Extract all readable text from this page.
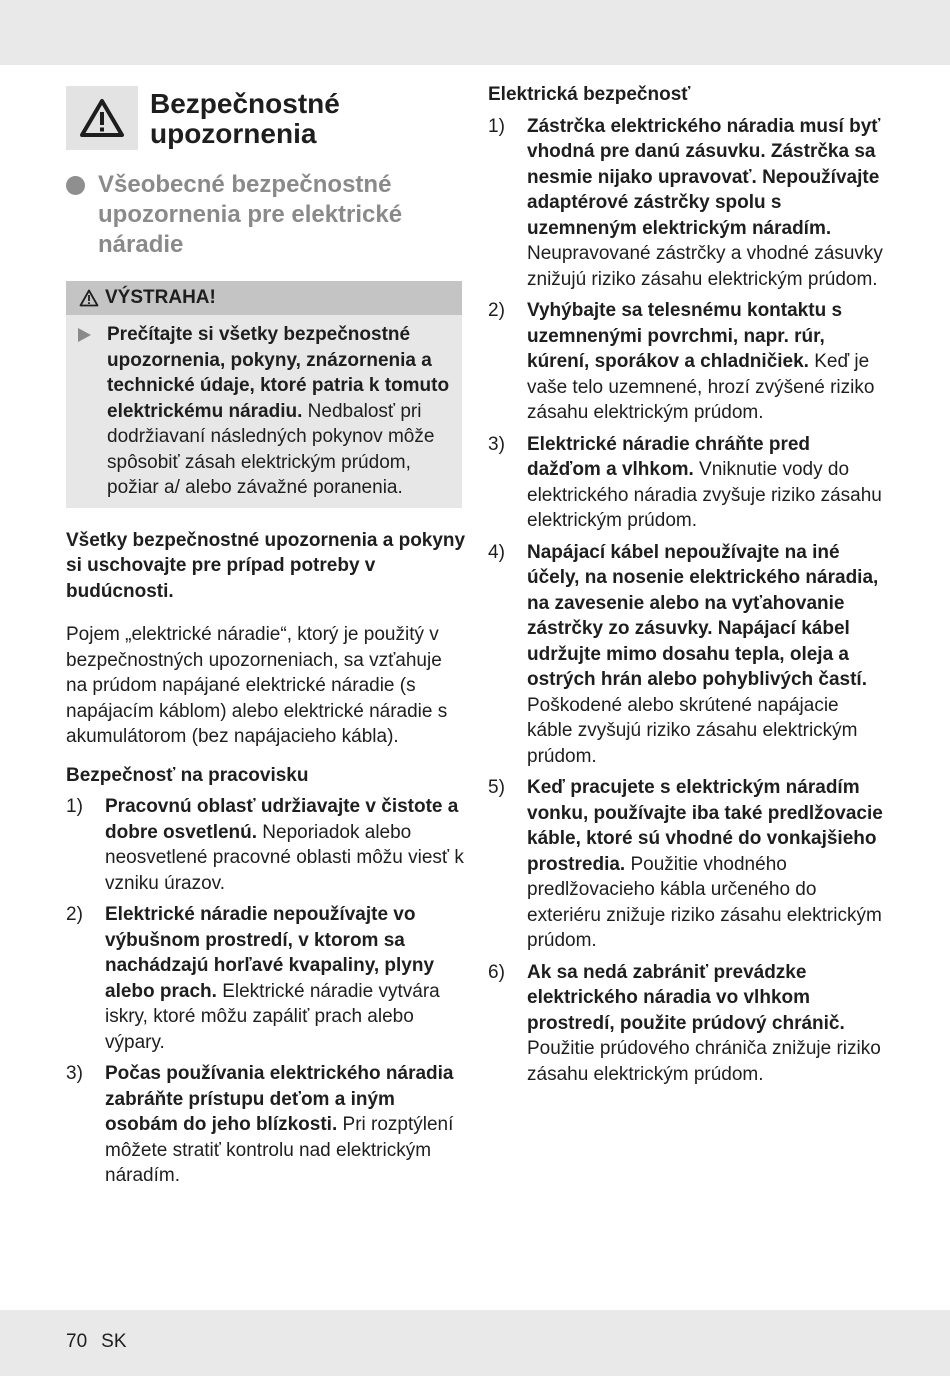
Bezpečnostné upozornenia
Všeobecné bezpečnostné upozornenia pre elektrické náradie
VÝSTRAHA!
Prečítajte si všetky bezpečnostné upozornenia, pokyny, znázornenia a technické údaje, ktoré patria k tomuto elektrickému náradiu. Nedbalosť pri dodržiavaní následných pokynov môže spôsobiť zásah elektrickým prúdom, požiar a/ alebo závažné poranenia.

Všetky bezpečnostné upozornenia a pokyny si uschovajte pre prípad potreby v budúcnosti.

Pojem „elektrické náradie“, ktorý je použitý v bezpečnostných upozorneniach, sa vzťahuje na prúdom napájané elektrické náradie (s napájacím káblom) alebo elektrické náradie s akumulátorom (bez napájacieho kábla).

Bezpečnosť na pracovisku
1)	Pracovnú oblasť udržiavajte v čistote a dobre osvetlenú. Neporiadok alebo neosvetlené pracovné oblasti môžu viesť k vzniku úrazov.
2)	Elektrické náradie nepoužívajte vo výbušnom prostredí, v ktorom sa nachádzajú horľavé kvapaliny, plyny alebo prach. Elektrické náradie vytvára iskry, ktoré môžu zapáliť prach alebo výpary.
3)	Počas používania elektrického náradia zabráňte prístupu deťom a iným osobám do jeho blízkosti. Pri rozptýlení môžete stratiť kontrolu nad elektrickým náradím.
Elektrická bezpečnosť
1)	Zástrčka elektrického náradia musí byť vhodná pre danú zásuvku. Zástrčka sa nesmie nijako upravovať. Nepoužívajte adaptérové zástrčky spolu s uzemneným elektrickým náradím. Neupravované zástrčky a vhodné zásuvky znižujú riziko zásahu elektrickým prúdom.
2)	Vyhýbajte sa telesnému kontaktu s uzemnenými povrchmi, napr. rúr, kúrení, sporákov a chladničiek. Keď je vaše telo uzemnené, hrozí zvýšené riziko zásahu elektrickým prúdom.
3)	Elektrické náradie chráňte pred dažďom a vlhkom. Vniknutie vody do elektrického náradia zvyšuje riziko zásahu elektrickým prúdom.
4)	Napájací kábel nepoužívajte na iné účely, na nosenie elektrického náradia, na zavesenie alebo na vyťahovanie zástrčky zo zásuvky. Napájací kábel udržujte mimo dosahu tepla, oleja a ostrých hrán alebo pohyblivých častí. Poškodené alebo skrútené napájacie káble zvyšujú riziko zásahu elektrickým prúdom.
5)	Keď pracujete s elektrickým náradím vonku, používajte iba také predlžovacie káble, ktoré sú vhodné do vonkajšieho prostredia. Použitie vhodného predlžovacieho kábla určeného do exteriéru znižuje riziko zásahu elektrickým prúdom.
6)	Ak sa nedá zabrániť prevádzke elektrického náradia vo vlhkom prostredí, použite prúdový chránič. Použitie prúdového chrániča znižuje riziko zásahu elektrickým prúdom.
70 SK
